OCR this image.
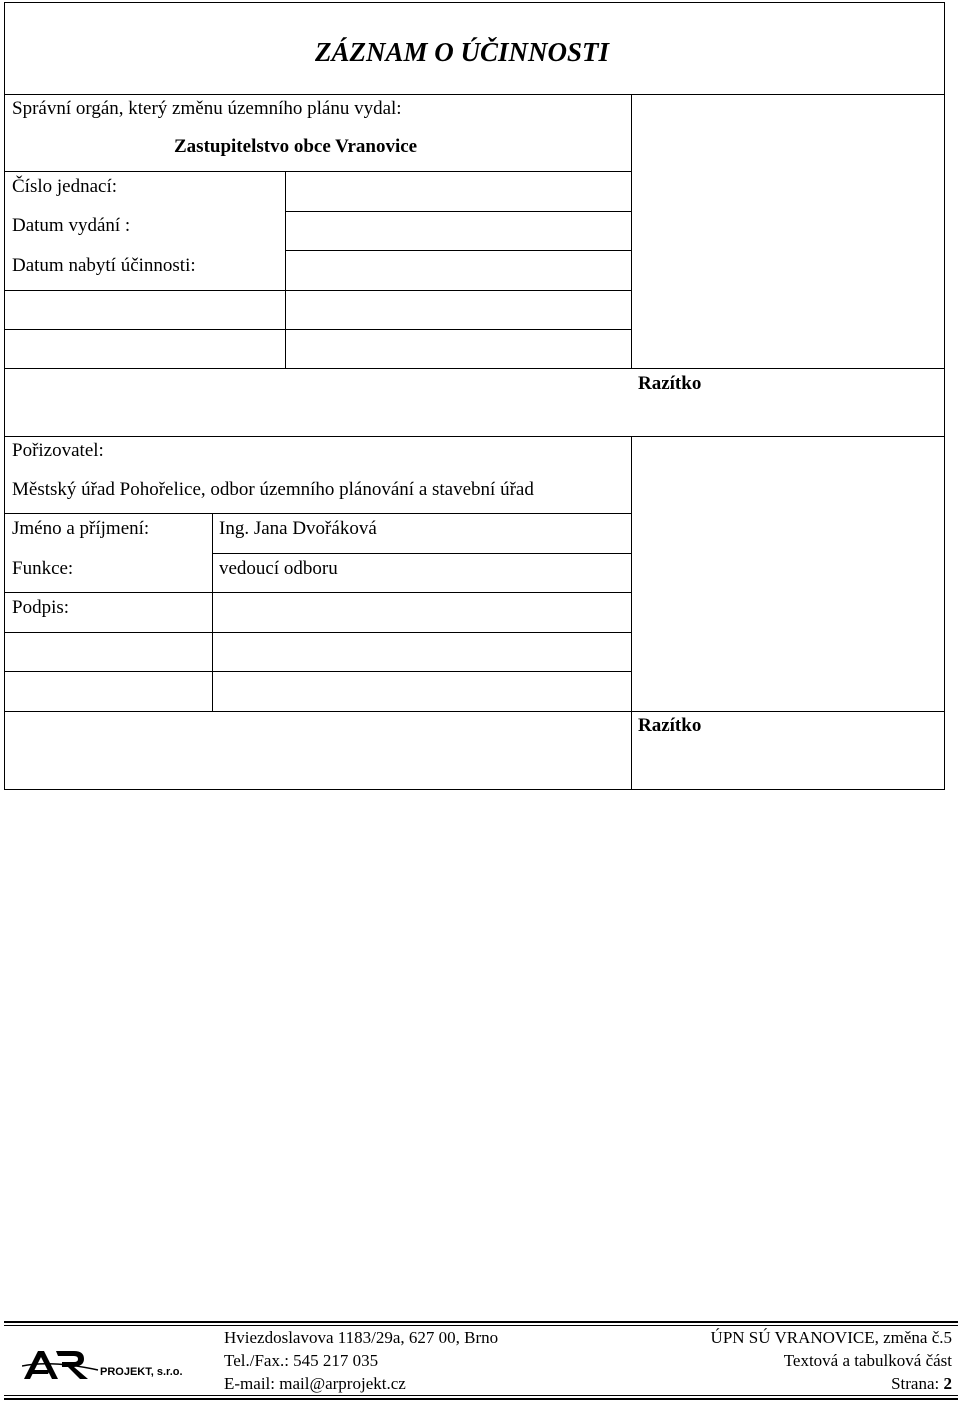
ZÁZNAM O ÚČINNOSTI
Správní orgán, který změnu územního plánu vydal:
Zastupitelstvo obce Vranovice
Číslo jednací:
Datum vydání :
Datum nabytí účinnosti:
Razítko
Pořizovatel:
Městský úřad Pohořelice, odbor územního plánování a stavební úřad
Jméno a příjmení:	Ing. Jana Dvořáková
Funkce:	vedoucí odboru
Podpis:
Razítko
PROJEKT, s.r.o.
Hviezdoslavova 1183/29a, 627 00, Brno
Tel./Fax.: 545 217 035
E-mail: mail@arprojekt.cz
ÚPN SÚ VRANOVICE, změna č.5
Textová a tabulková část
Strana: 2
